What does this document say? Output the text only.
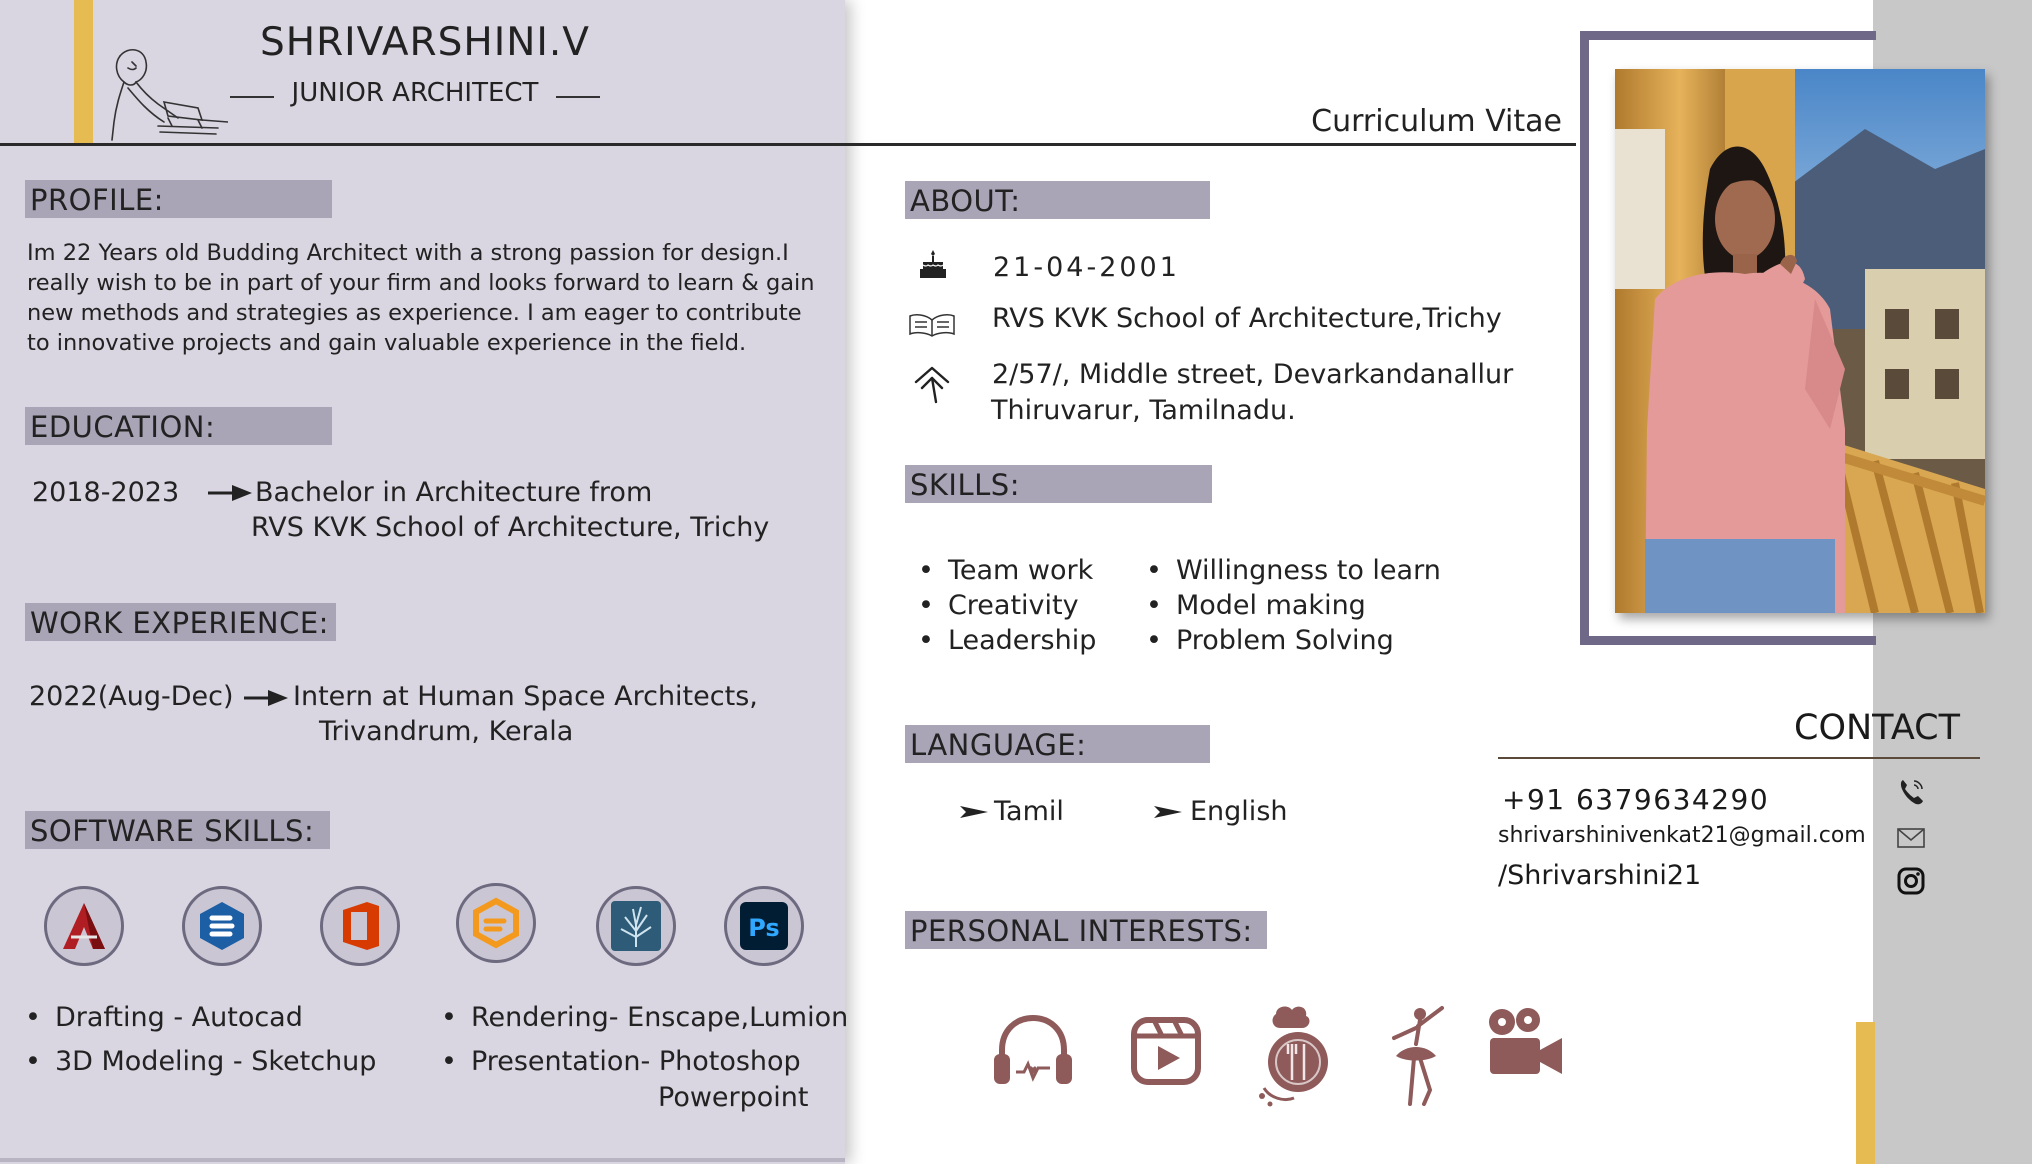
SHRIVARSHINI.V
JUNIOR ARCHITECT
Curriculum Vitae
PROFILE:
Im 22 Years old Budding Architect with a strong passion for design.I
really wish to be in part of your firm and looks forward to learn & gain
new methods and strategies as experience. I am eager to contribute
to innovative projects and gain valuable experience in the field.
EDUCATION:
2018-2023	Bachelor in Architecture from
RVS KVK School of Architecture, Trichy
WORK EXPERIENCE:
2022(Aug-Dec) Intern at Human Space Architects,
Trivandrum, Kerala
SOFTWARE SKILLS:
Ps
• Drafting - Autocad
• 3D Modeling - Sketchup
• Rendering- Enscape,Lumion
• Presentation- Photoshop
Powerpoint
ABOUT:
21-04-2001
RVS KVK School of Architecture,Trichy
2/57/, Middle street, Devarkandanallur
Thiruvarur, Tamilnadu.
SKILLS:
• Team work
• Creativity
• Leadership
• Willingness to learn
• Model making
• Problem Solving
LANGUAGE:
Tamil	English
PERSONAL INTERESTS:
CONTACT
+91 6379634290
shrivarshinivenkat21@gmail.com
/Shrivarshini21
